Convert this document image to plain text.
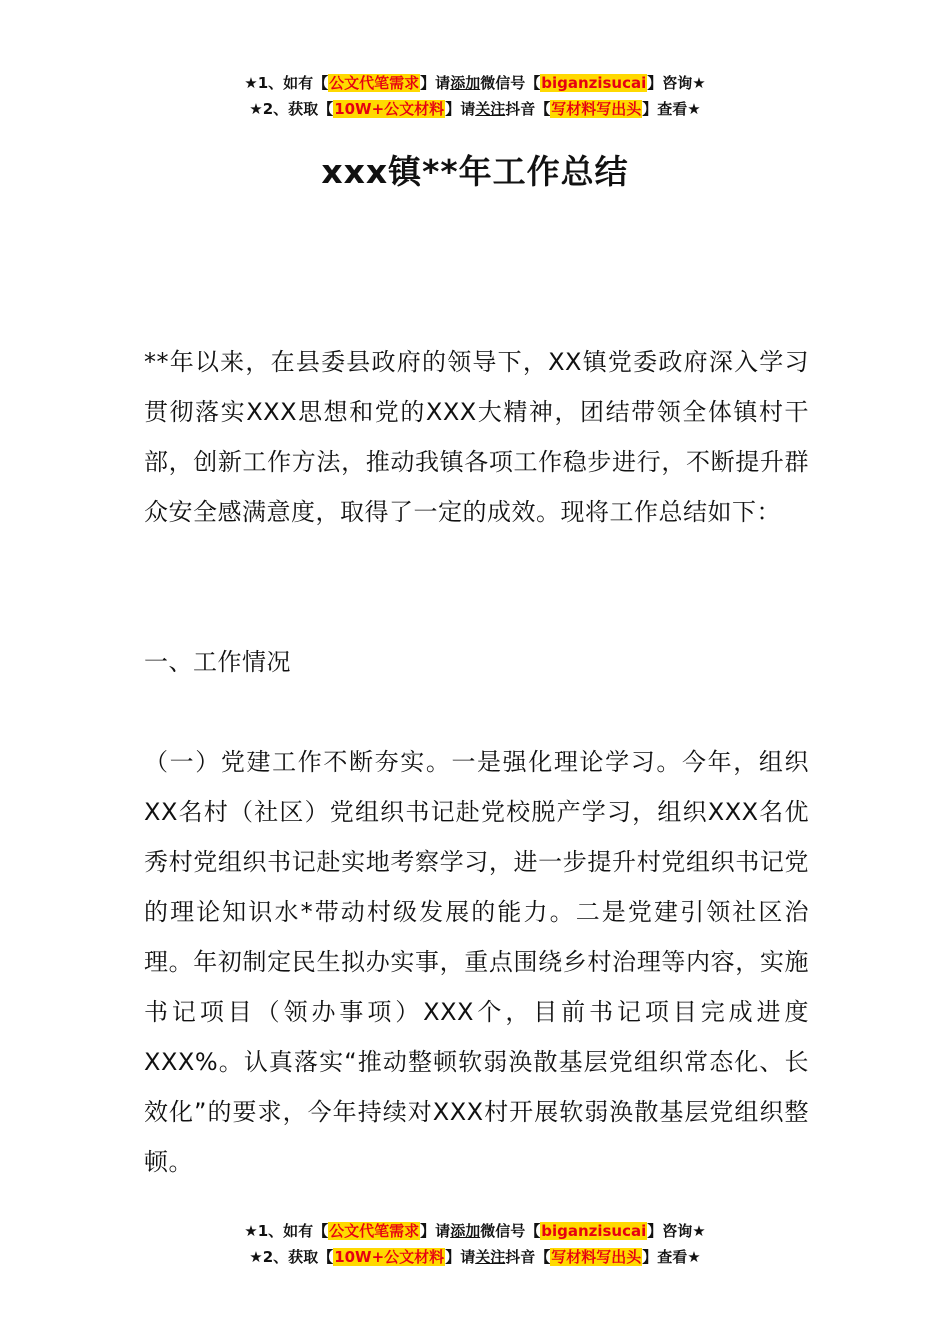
★1、如有【公文代笔需求】请添加微信号【biganzisucai】咨询★
★2、获取【10W+公文材料】请关注抖音【写材料写出头】查看★
xxx镇**年工作总结

**年以来，在县委县政府的领导下，XX镇党委政府深入学习贯彻落实XXX思想和党的XXX大精神，团结带领全体镇村干部，创新工作方法，推动我镇各项工作稳步进行，不断提升群众安全感满意度，取得了一定的成效。现将工作总结如下：

一、工作情况

（一）党建工作不断夯实。一是强化理论学习。今年，组织XX名村（社区）党组织书记赴党校脱产学习，组织XXX名优秀村党组织书记赴实地考察学习，进一步提升村党组织书记党的理论知识水*带动村级发展的能力。二是党建引领社区治理。年初制定民生拟办实事，重点围绕乡村治理等内容，实施书记项目（领办事项）XXX个，目前书记项目完成进度XXX%。认真落实“推动整顿软弱涣散基层党组织常态化、长效化”的要求，今年持续对XXX村开展软弱涣散基层党组织整顿。

★1、如有【公文代笔需求】请添加微信号【biganzisucai】咨询★
★2、获取【10W+公文材料】请关注抖音【写材料写出头】查看★
